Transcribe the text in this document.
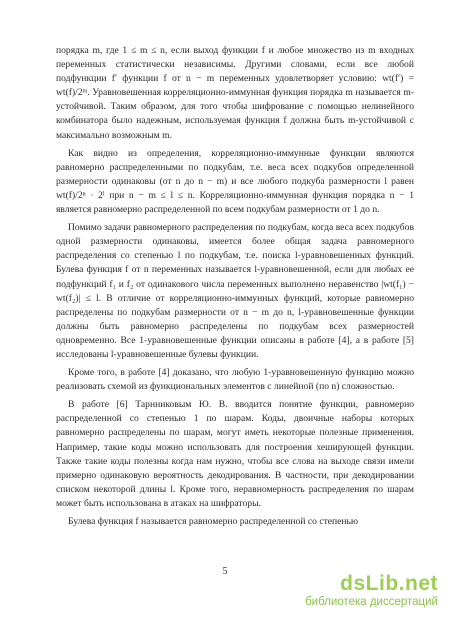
порядка m, где 1 ≤ m ≤ n, если выход функции f и любое множество из m входных переменных статистически независимы. Другими словами, если все любой подфункции f′ функции f от n − m переменных удовлетворяет условию: wt(f′) = wt(f)/2ᵐ. Уравновешенная корреляционно-иммунная функция порядка m называется m-устойчивой. Таким образом, для того чтобы шифрование с помощью нелинейного комбинатора было надежным, используемая функция f должна быть m-устойчивой с максимально возможным m.

Как видно из определения, корреляционно-иммунные функции являются равномерно распределенными по подкубам, т.е. веса всех подкубов определенной размерности одинаковы (от n до n − m) и все любого подкуба размерности l равен wt(f)/2ⁿ · 2ˡ при n − m ≤ l ≤ n. Корреляционно-иммунная функция порядка n − 1 является равномерно распределенной по всем подкубам размерности от 1 до n.

Помимо задачи равномерного распределения по подкубам, когда веса всех подкубов одной размерности одинаковы, имеется более общая задача равномерного распределения со степенью l по подкубам, т.е. поиска l-уравновешенных функций. Булева функция f от n переменных называется l-уравновешенной, если для любых ее подфункций f₁ и f₂ от одинакового числа переменных выполнено неравенство |wt(f₁) − wt(f₂)| ≤ l. В отличие от корреляционно-иммунных функций, которые равномерно распределены по подкубам размерности от n − m до n, l-уравновешенные функции должны быть равномерно распределены по подкубам всех размерностей одновременно. Все 1-уравновешенные функции описаны в работе [4], а в работе [5] исследованы l-уравновешенные булевы функции.

Кроме того, в работе [4] доказано, что любую 1-уравновешенную функцию можно реализовать схемой из функциональных элементов с линейной (по n) сложностью.

В работе [6] Тарнниковым Ю. В. вводится понятие функции, равномерно распределенной со степенью 1 по шарам. Коды, двоичные наборы которых равномерно распределены по шарам, могут иметь некоторые полезные применения. Например, такие коды можно использовать для построения хеширующей функции. Также такие коды полезны когда нам нужно, чтобы все слова на выходе связи имели примерно одинаковую вероятность декодирования. В частности, при декодировании списком некоторой длины l. Кроме того, неравномерность распределения по шарам может быть использована в атаках на шифраторы.

Булева функция f называется равномерно распределенной со степенью

5
dsLib.net
библиотека диссертаций
